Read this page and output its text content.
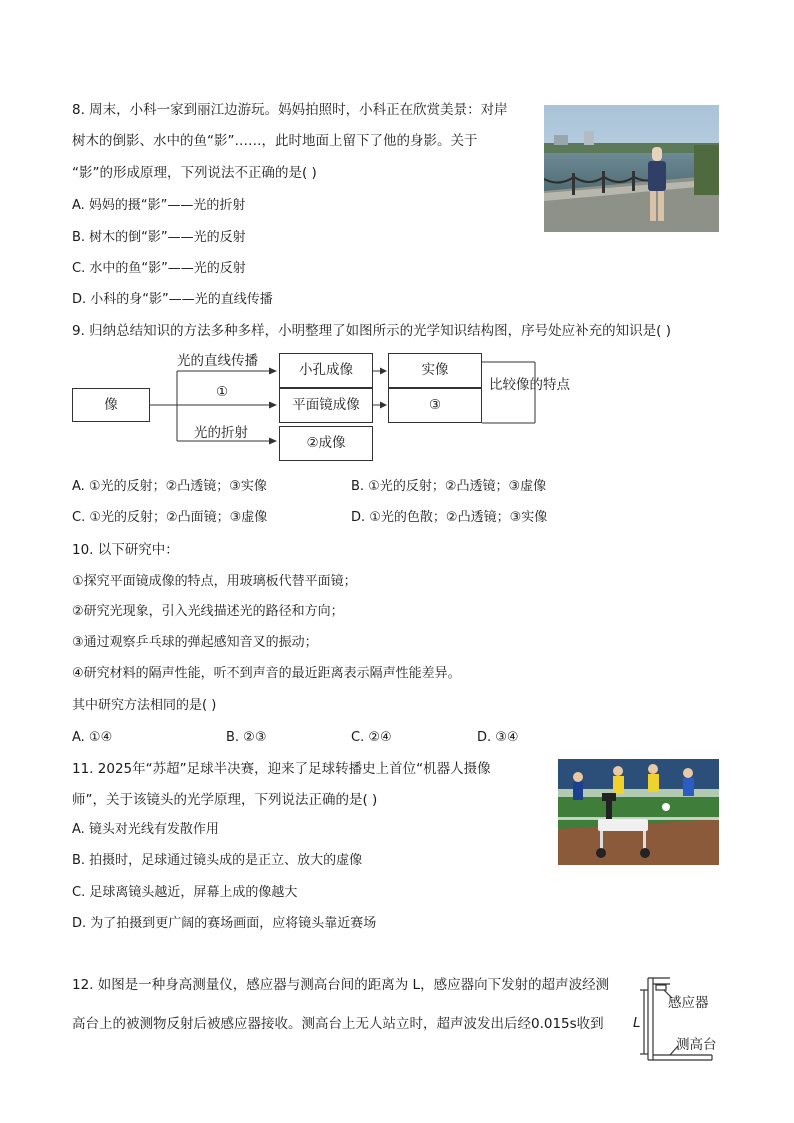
8. 周末，小科一家到丽江边游玩。妈妈拍照时，小科正在欣赏美景：对岸
树木的倒影、水中的鱼“影”……，此时地面上留下了他的身影。关于
“影”的形成原理，下列说法不正确的是( )
A. 妈妈的摄“影”——光的折射
B. 树木的倒“影”——光的反射
C. 水中的鱼“影”——光的反射
D. 小科的身“影”——光的直线传播
9. 归纳总结知识的方法多种多样，小明整理了如图所示的光学知识结构图，序号处应补充的知识是( )
像
小孔成像
平面镜成像
②成像
实像
③
光的直线传播
①
光的折射
比较像的特点
A. ①光的反射；②凸透镜；③实像	B. ①光的反射；②凸透镜；③虚像
C. ①光的反射；②凸面镜；③虚像	D. ①光的色散；②凸透镜；③实像
10. 以下研究中：
①探究平面镜成像的特点，用玻璃板代替平面镜；
②研究光现象，引入光线描述光的路径和方向；
③通过观察乒乓球的弹起感知音叉的振动；
④研究材料的隔声性能，听不到声音的最近距离表示隔声性能差异。
其中研究方法相同的是( )
A. ①④	B. ②③	C. ②④	D. ③④
11. 2025年“苏超”足球半决赛，迎来了足球转播史上首位“机器人摄像
师”，关于该镜头的光学原理，下列说法正确的是( )
A. 镜头对光线有发散作用
B. 拍摄时，足球通过镜头成的是正立、放大的虚像
C. 足球离镜头越近，屏幕上成的像越大
D. 为了拍摄到更广阔的赛场画面，应将镜头靠近赛场
12. 如图是一种身高测量仪，感应器与测高台间的距离为 L，感应器向下发射的超声波经测
高台上的被测物反射后被感应器接收。测高台上无人站立时，超声波发出后经0.015s收到
感应器
L
测高台
